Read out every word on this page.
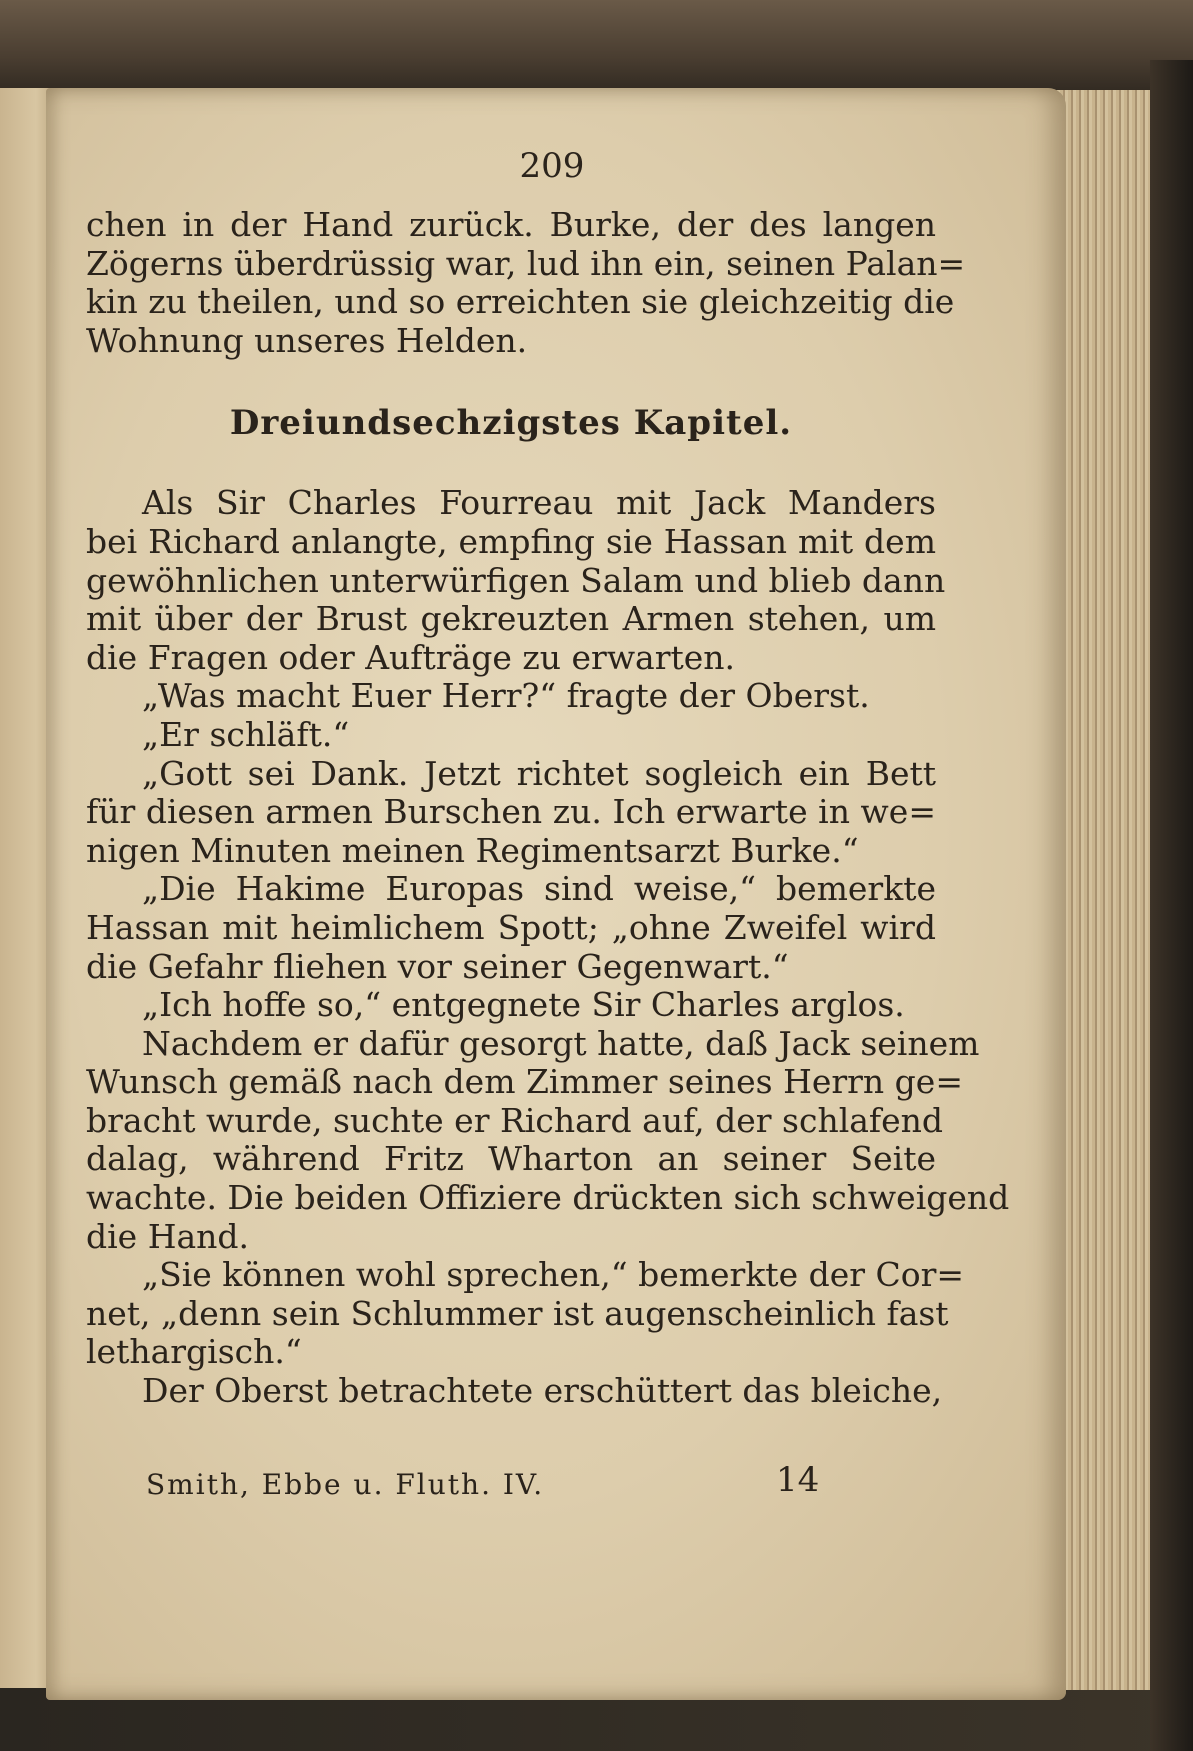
209
chen in der Hand zurück. Burke, der des langen
Zögerns überdrüssig war, lud ihn ein, seinen Palan=
kin zu theilen, und so erreichten sie gleichzeitig die
Wohnung unseres Helden.
Dreiundsechzigstes Kapitel.
Als Sir Charles Fourreau mit Jack Manders
bei Richard anlangte, empfing sie Hassan mit dem
gewöhnlichen unterwürfigen Salam und blieb dann
mit über der Brust gekreuzten Armen stehen, um
die Fragen oder Aufträge zu erwarten.
„Was macht Euer Herr?“ fragte der Oberst.
„Er schläft.“
„Gott sei Dank. Jetzt richtet sogleich ein Bett
für diesen armen Burschen zu. Ich erwarte in we=
nigen Minuten meinen Regimentsarzt Burke.“
„Die Hakime Europas sind weise,“ bemerkte
Hassan mit heimlichem Spott; „ohne Zweifel wird
die Gefahr fliehen vor seiner Gegenwart.“
„Ich hoffe so,“ entgegnete Sir Charles arglos.
Nachdem er dafür gesorgt hatte, daß Jack seinem
Wunsch gemäß nach dem Zimmer seines Herrn ge=
bracht wurde, suchte er Richard auf, der schlafend
dalag, während Fritz Wharton an seiner Seite
wachte. Die beiden Offiziere drückten sich schweigend
die Hand.
„Sie können wohl sprechen,“ bemerkte der Cor=
net, „denn sein Schlummer ist augenscheinlich fast
lethargisch.“
Der Oberst betrachtete erschüttert das bleiche,
Smith, Ebbe u. Fluth. IV.	14
